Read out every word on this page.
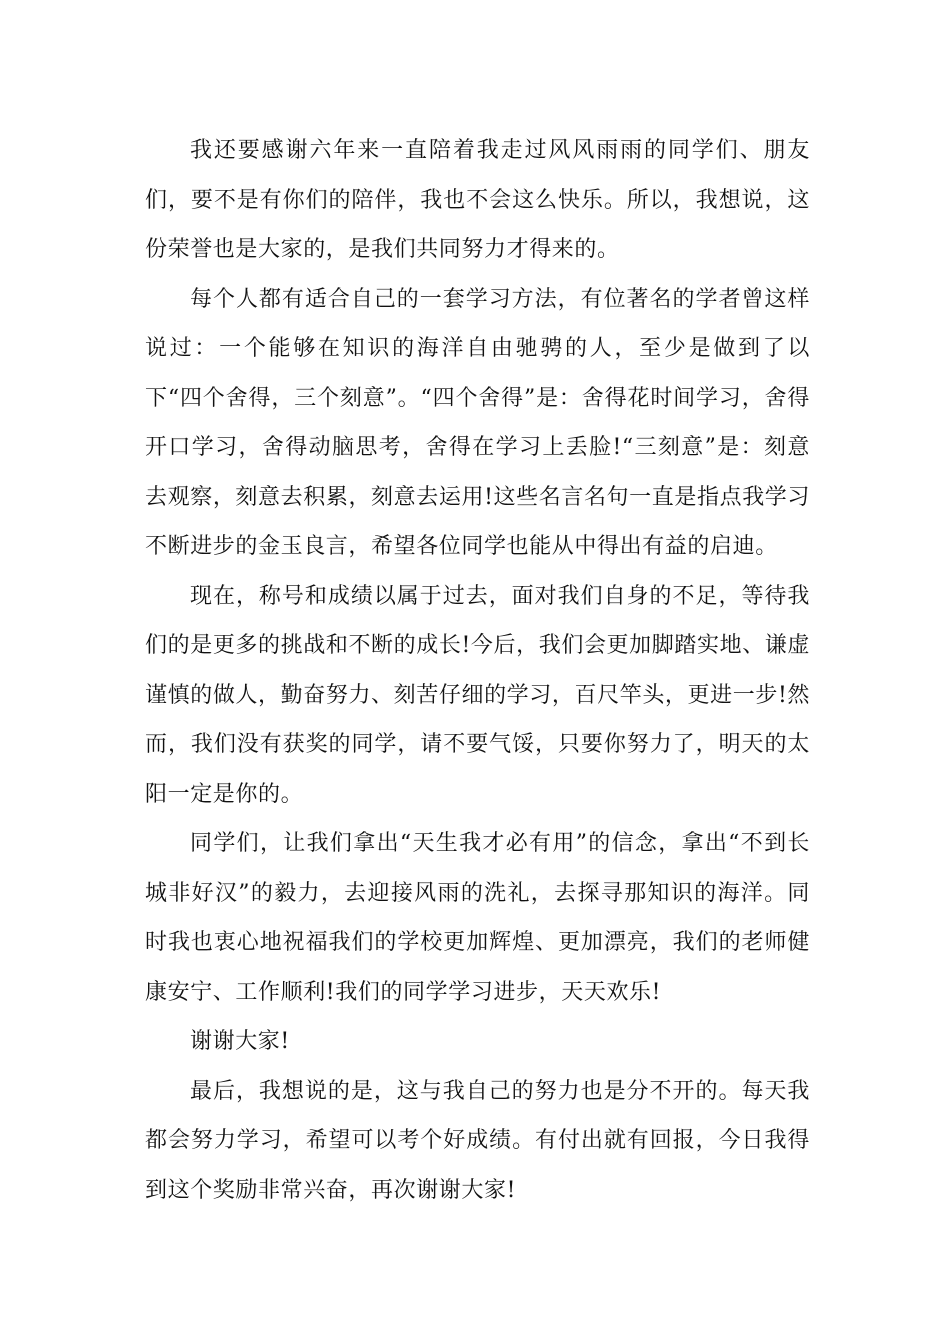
我还要感谢六年来一直陪着我走过风风雨雨的同学们、朋友们，要不是有你们的陪伴，我也不会这么快乐。所以，我想说，这份荣誉也是大家的，是我们共同努力才得来的。

每个人都有适合自己的一套学习方法，有位著名的学者曾这样说过：一个能够在知识的海洋自由驰骋的人，至少是做到了以下“四个舍得，三个刻意”。“四个舍得”是：舍得花时间学习，舍得开口学习，舍得动脑思考，舍得在学习上丢脸!“三刻意”是：刻意去观察，刻意去积累，刻意去运用!这些名言名句一直是指点我学习不断进步的金玉良言，希望各位同学也能从中得出有益的启迪。

现在，称号和成绩以属于过去，面对我们自身的不足，等待我们的是更多的挑战和不断的成长!今后，我们会更加脚踏实地、谦虚谨慎的做人，勤奋努力、刻苦仔细的学习，百尺竿头，更进一步!然而，我们没有获奖的同学，请不要气馁，只要你努力了，明天的太阳一定是你的。

同学们，让我们拿出“天生我才必有用”的信念，拿出“不到长城非好汉”的毅力，去迎接风雨的洗礼，去探寻那知识的海洋。同时我也衷心地祝福我们的学校更加辉煌、更加漂亮，我们的老师健康安宁、工作顺利!我们的同学学习进步，天天欢乐!

谢谢大家!

最后，我想说的是，这与我自己的努力也是分不开的。每天我都会努力学习，希望可以考个好成绩。有付出就有回报，今日我得到这个奖励非常兴奋，再次谢谢大家!
